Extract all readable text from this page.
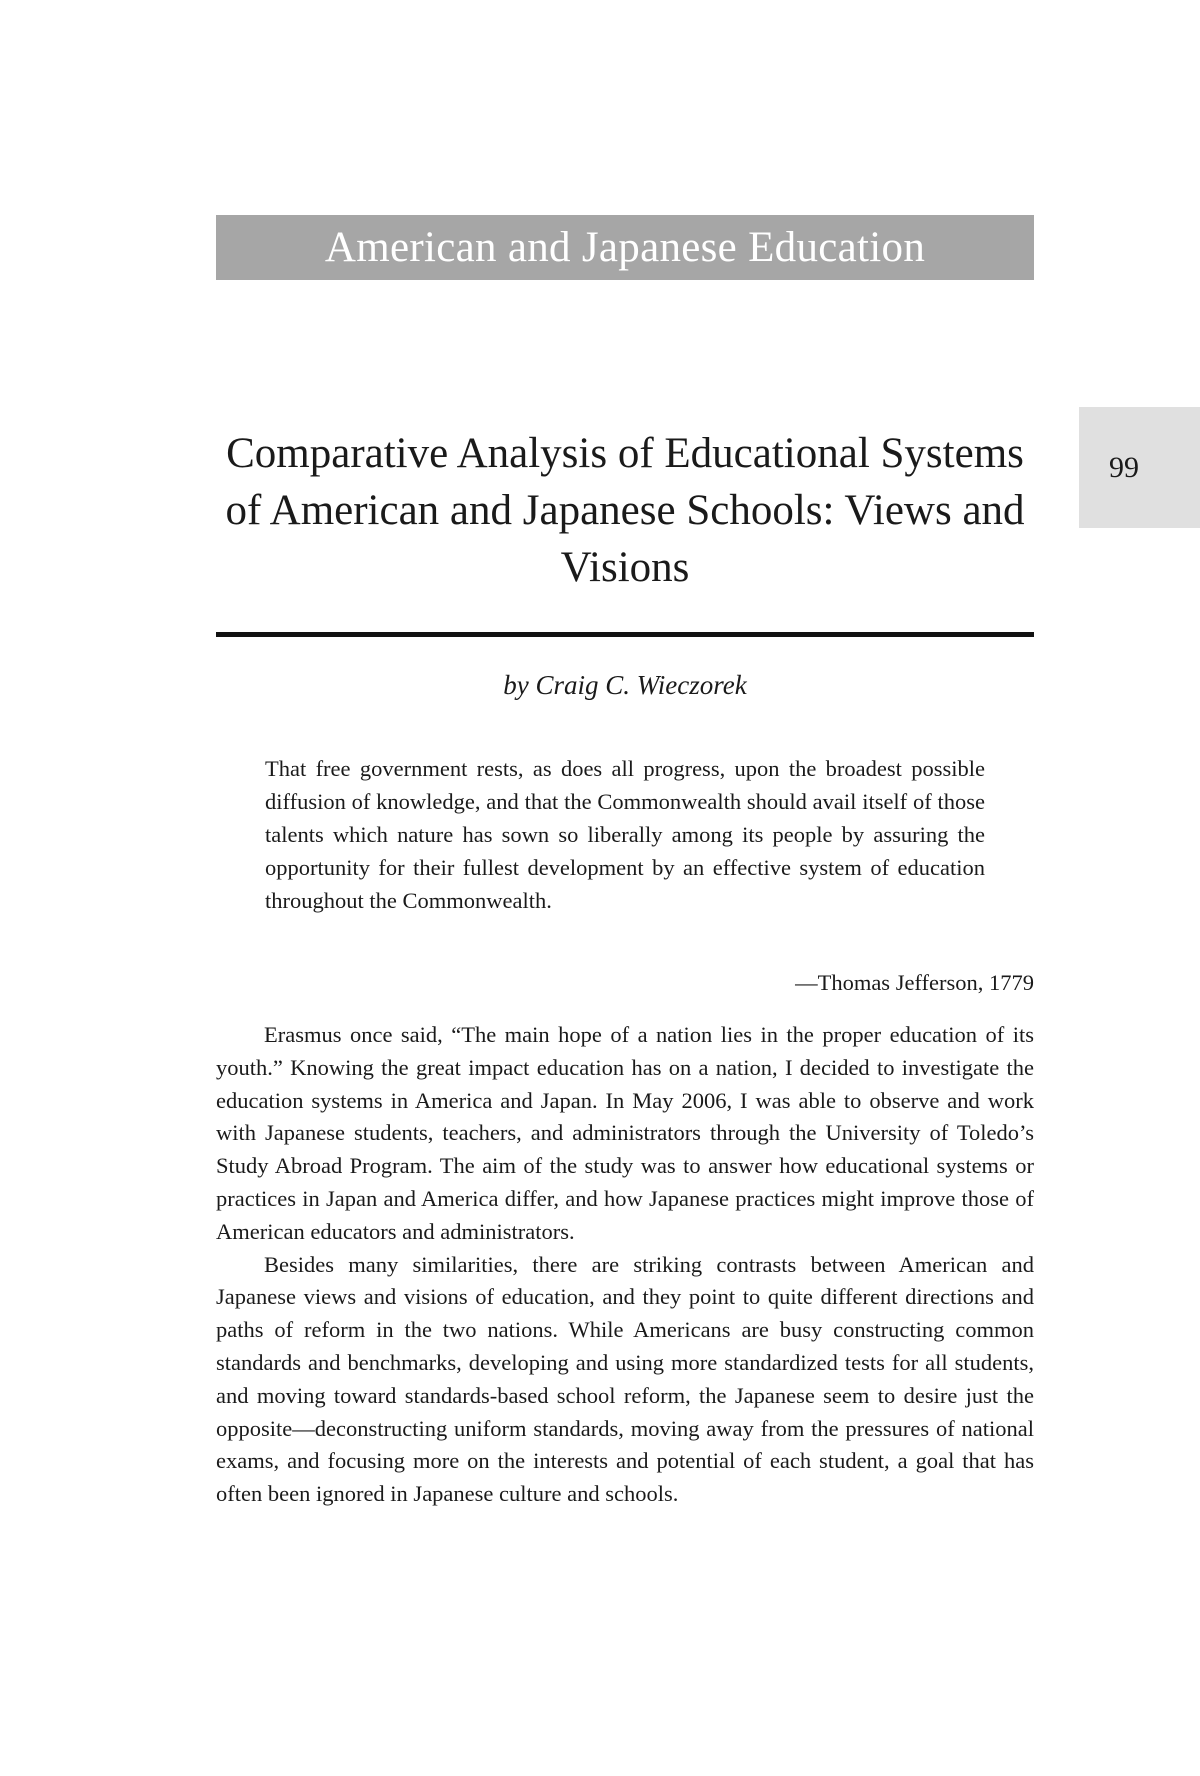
American and Japanese Education
99
Comparative Analysis of Educational Systems of American and Japanese Schools: Views and Visions
by Craig C. Wieczorek

That free government rests, as does all progress, upon the broadest possible diffusion of knowledge, and that the Commonwealth should avail itself of those talents which nature has sown so liberally among its people by assuring the opportunity for their fullest development by an effective system of education throughout the Commonwealth.

—Thomas Jefferson, 1779

Erasmus once said, “The main hope of a nation lies in the proper education of its youth.” Knowing the great impact education has on a nation, I decided to investigate the education systems in America and Japan. In May 2006, I was able to observe and work with Japanese students, teachers, and administrators through the University of Toledo’s Study Abroad Program. The aim of the study was to answer how educational systems or practices in Japan and America differ, and how Japanese practices might improve those of American educators and administrators.

Besides many similarities, there are striking contrasts between American and Japanese views and visions of education, and they point to quite different directions and paths of reform in the two nations. While Americans are busy constructing common standards and benchmarks, developing and using more standardized tests for all students, and moving toward standards-based school reform, the Japanese seem to desire just the opposite—deconstructing uniform standards, moving away from the pressures of national exams, and focusing more on the interests and potential of each student, a goal that has often been ignored in Japanese culture and schools.
